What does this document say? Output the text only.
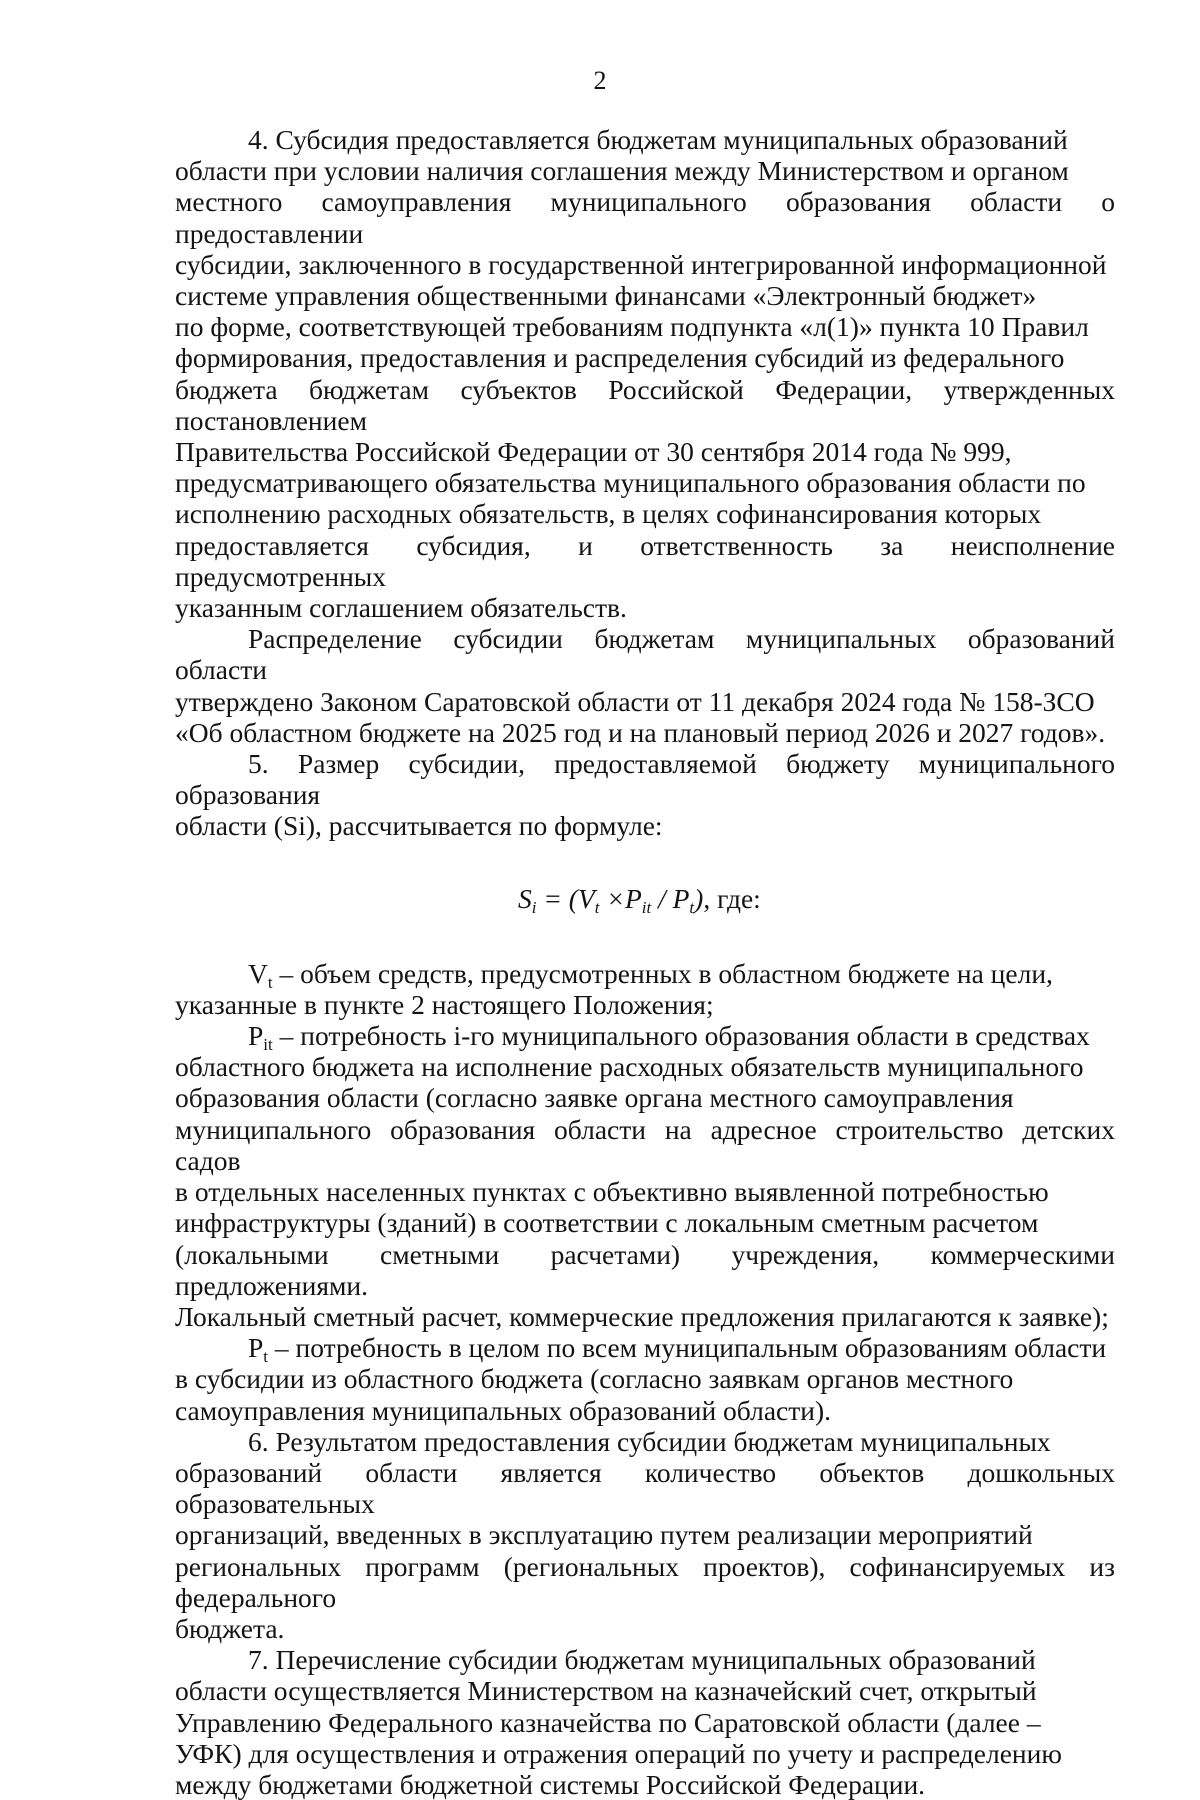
2

4. Субсидия предоставляется бюджетам муниципальных образований
области при условии наличия соглашения между Министерством и органом
местного самоуправления муниципального образования области о предоставлении
субсидии, заключенного в государственной интегрированной информационной
системе управления общественными финансами «Электронный бюджет»
по форме, соответствующей требованиям подпункта «л(1)» пункта 10 Правил
формирования, предоставления и распределения субсидий из федерального
бюджета бюджетам субъектов Российской Федерации, утвержденных постановлением
Правительства Российской Федерации от 30 сентября 2014 года № 999,
предусматривающего обязательства муниципального образования области по
исполнению расходных обязательств, в целях софинансирования которых
предоставляется субсидия, и ответственность за неисполнение предусмотренных
указанным соглашением обязательств.

Распределение субсидии бюджетам муниципальных образований области
утверждено Законом Саратовской области от 11 декабря 2024 года № 158-ЗСО
«Об областном бюджете на 2025 год и на плановый период 2026 и 2027 годов».

5. Размер субсидии, предоставляемой бюджету муниципального образования
области (Si), рассчитывается по формуле:

$S_i = (V_t \times P_{it} / P_t)$, где:

Vt – объем средств, предусмотренных в областном бюджете на цели,
указанные в пункте 2 настоящего Положения;

Pit – потребность i-го муниципального образования области в средствах
областного бюджета на исполнение расходных обязательств муниципального
образования области (согласно заявке органа местного самоуправления
муниципального образования области на адресное строительство детских садов
в отдельных населенных пунктах с объективно выявленной потребностью
инфраструктуры (зданий) в соответствии с локальным сметным расчетом
(локальными сметными расчетами) учреждения, коммерческими предложениями.
Локальный сметный расчет, коммерческие предложения прилагаются к заявке);

Pt – потребность в целом по всем муниципальным образованиям области
в субсидии из областного бюджета (согласно заявкам органов местного
самоуправления муниципальных образований области).

6. Результатом предоставления субсидии бюджетам муниципальных
образований области является количество объектов дошкольных образовательных
организаций, введенных в эксплуатацию путем реализации мероприятий
региональных программ (региональных проектов), софинансируемых из федерального
бюджета.

7. Перечисление субсидии бюджетам муниципальных образований
области осуществляется Министерством на казначейский счет, открытый
Управлению Федерального казначейства по Саратовской области (далее –
УФК) для осуществления и отражения операций по учету и распределению
между бюджетами бюджетной системы Российской Федерации.
